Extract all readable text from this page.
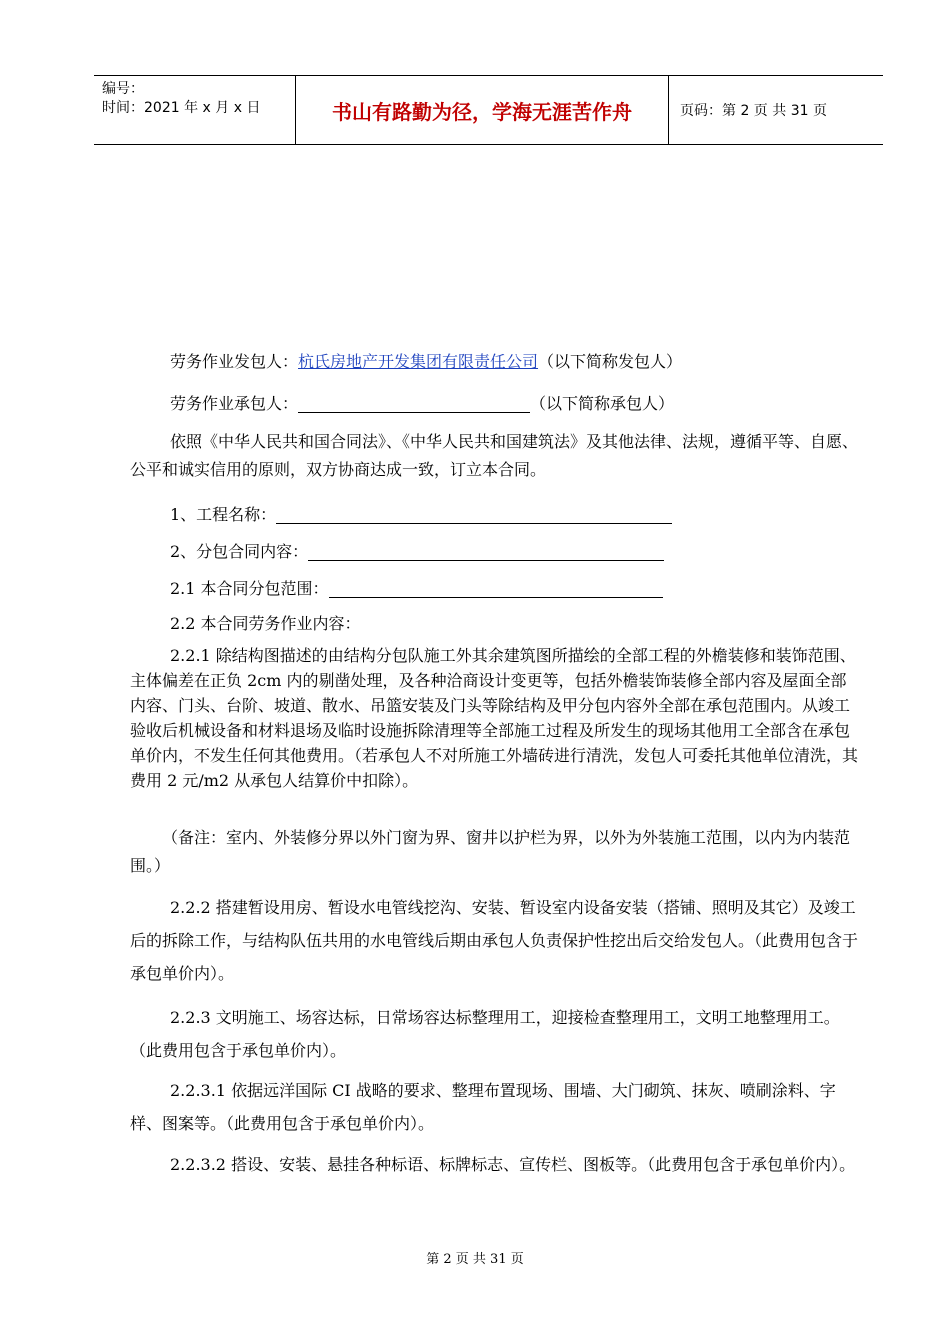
编号：
时间：2021 年 x 月 x 日	书山有路勤为径，学海无涯苦作舟	页码：第 2 页 共 31 页
劳务作业发包人：杭氏房地产开发集团有限责任公司（以下简称发包人）
劳务作业承包人：	（以下简称承包人）
依照《中华人民共和国合同法》、《中华人民共和国建筑法》及其他法律、法规，遵循平等、自愿、公平和诚实信用的原则，双方协商达成一致，订立本合同。
1、工程名称：
2、分包合同内容：
2.1 本合同分包范围：
2.2 本合同劳务作业内容：
2.2.1 除结构图描述的由结构分包队施工外其余建筑图所描绘的全部工程的外檐装修和装饰范围、主体偏差在正负 2cm 内的剔凿处理，及各种洽商设计变更等，包括外檐装饰装修全部内容及屋面全部内容、门头、台阶、坡道、散水、吊篮安装及门头等除结构及甲分包内容外全部在承包范围内。从竣工验收后机械设备和材料退场及临时设施拆除清理等全部施工过程及所发生的现场其他用工全部含在承包单价内，不发生任何其他费用。（若承包人不对所施工外墙砖进行清洗，发包人可委托其他单位清洗，其费用 2 元/m2 从承包人结算价中扣除）。
（备注：室内、外装修分界以外门窗为界、窗井以护栏为界，以外为外装施工范围，以内为内装范围。）
2.2.2 搭建暂设用房、暂设水电管线挖沟、安装、暂设室内设备安装（搭铺、照明及其它）及竣工后的拆除工作，与结构队伍共用的水电管线后期由承包人负责保护性挖出后交给发包人。（此费用包含于承包单价内）。
2.2.3 文明施工、场容达标，日常场容达标整理用工，迎接检查整理用工，文明工地整理用工。（此费用包含于承包单价内）。
2.2.3.1 依据远洋国际 CI 战略的要求、整理布置现场、围墙、大门砌筑、抹灰、喷刷涂料、字样、图案等。（此费用包含于承包单价内）。
2.2.3.2 搭设、安装、悬挂各种标语、标牌标志、宣传栏、图板等。（此费用包含于承包单价内）。
第 2 页 共 31 页
